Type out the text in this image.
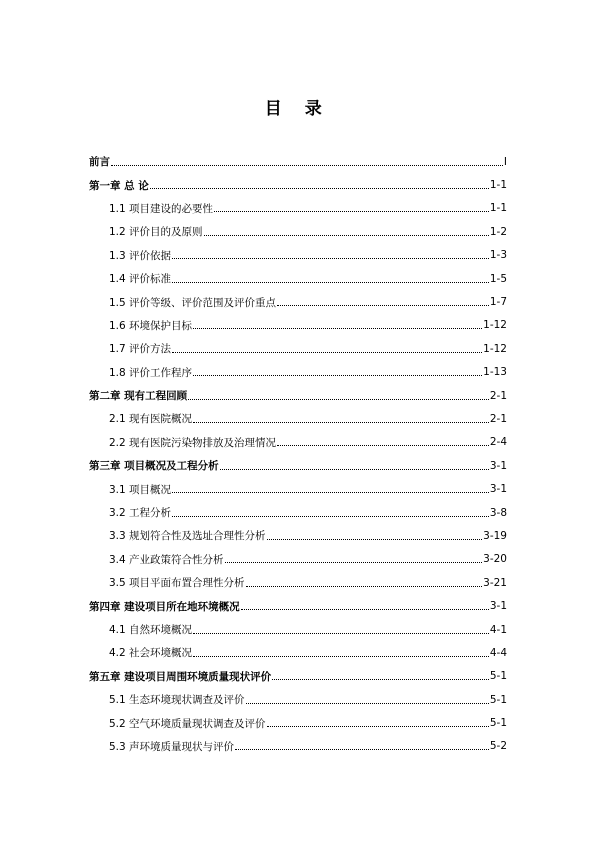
目 录
前言	I
第一章 总 论	1-1
1.1 项目建设的必要性	1-1
1.2 评价目的及原则	1-2
1.3 评价依据	1-3
1.4 评价标准	1-5
1.5 评价等级、评价范围及评价重点	1-7
1.6 环境保护目标	1-12
1.7 评价方法	1-12
1.8 评价工作程序	1-13
第二章 现有工程回顾	2-1
2.1 现有医院概况	2-1
2.2 现有医院污染物排放及治理情况	2-4
第三章 项目概况及工程分析	3-1
3.1 项目概况	3-1
3.2 工程分析	3-8
3.3 规划符合性及选址合理性分析	3-19
3.4 产业政策符合性分析	3-20
3.5 项目平面布置合理性分析	3-21
第四章 建设项目所在地环境概况	3-1
4.1 自然环境概况	4-1
4.2 社会环境概况	4-4
第五章 建设项目周围环境质量现状评价	5-1
5.1 生态环境现状调查及评价	5-1
5.2 空气环境质量现状调查及评价	5-1
5.3 声环境质量现状与评价	5-2
